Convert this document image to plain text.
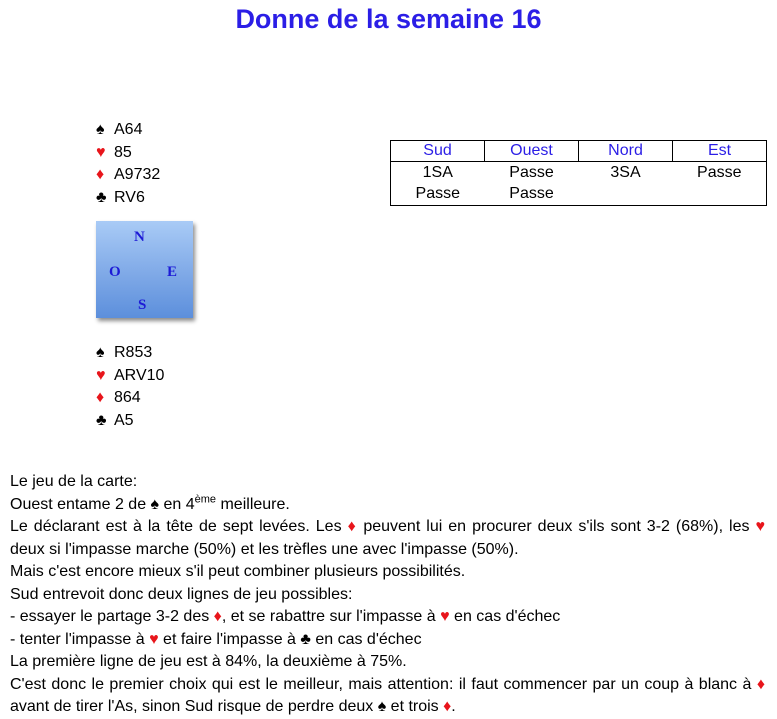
Donne de la semaine 16
♠ A64
♥ 85
♦ A9732
♣ RV6
N
O	E
S
♠ R853
♥ ARV10
♦ 864
♣ A5
Sud	Ouest	Nord	Est
1SA	Passe	3SA	Passe
Passe	Passe		

Le jeu de la carte:

Ouest entame 2 de ♠ en 4ème meilleure.

Le déclarant est à la tête de sept levées. Les ♦ peuvent lui en procurer deux s'ils sont 3-2 (68%), les ♥ deux si l'impasse marche (50%) et les trèfles une avec l'impasse (50%).

Mais c'est encore mieux s'il peut combiner plusieurs possibilités.

Sud entrevoit donc deux lignes de jeu possibles:

- essayer le partage 3-2 des ♦, et se rabattre sur l'impasse à ♥ en cas d'échec

- tenter l'impasse à ♥ et faire l'impasse à ♣ en cas d'échec

La première ligne de jeu est à 84%, la deuxième à 75%.

C'est donc le premier choix qui est le meilleur, mais attention: il faut commencer par un coup à blanc à ♦ avant de tirer l'As, sinon Sud risque de perdre deux ♠ et trois ♦.
